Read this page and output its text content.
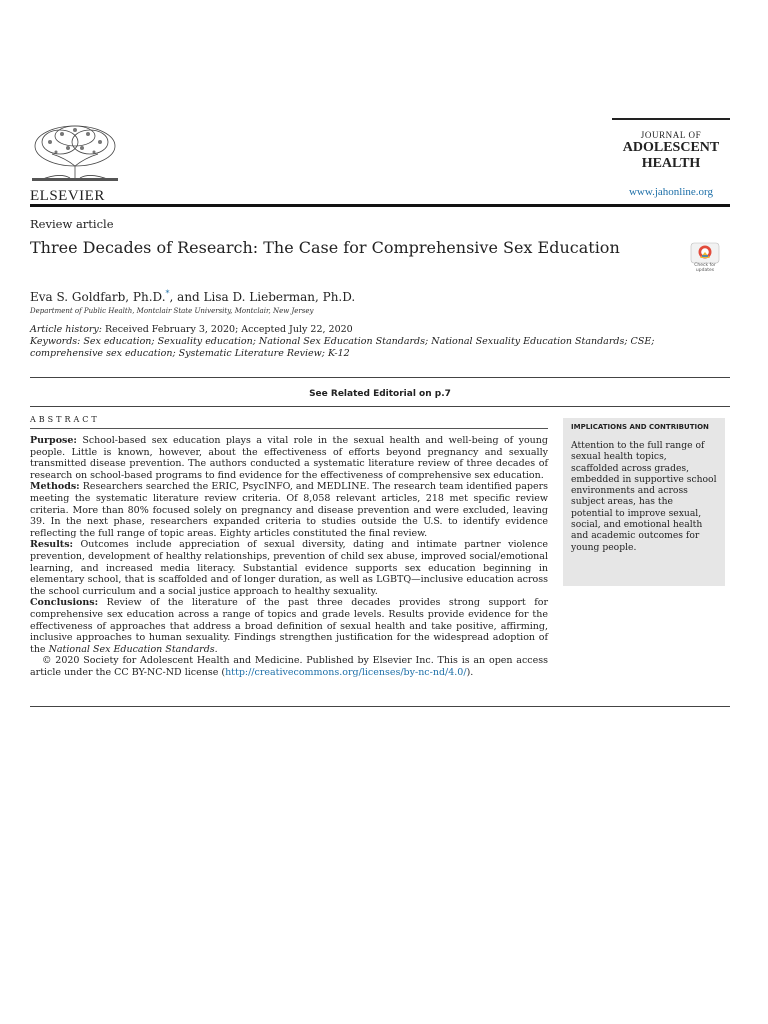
ELSEVIER
JOURNAL OF
ADOLESCENT
HEALTH
www.jahonline.org
Review article
Three Decades of Research: The Case for Comprehensive Sex Education
Check for
updates
Eva S. Goldfarb, Ph.D.*, and Lisa D. Lieberman, Ph.D.
Department of Public Health, Montclair State University, Montclair, New Jersey
Article history: Received February 3, 2020; Accepted July 22, 2020
Keywords: Sex education; Sexuality education; National Sex Education Standards; National Sexuality Education Standards; CSE; comprehensive sex education; Systematic Literature Review; K-12
See Related Editorial on p.7
ABSTRACT

Purpose: School-based sex education plays a vital role in the sexual health and well-being of young people. Little is known, however, about the effectiveness of efforts beyond pregnancy and sexually transmitted disease prevention. The authors conducted a systematic literature review of three decades of research on school-based programs to find evidence for the effectiveness of comprehensive sex education.

Methods: Researchers searched the ERIC, PsycINFO, and MEDLINE. The research team identified papers meeting the systematic literature review criteria. Of 8,058 relevant articles, 218 met specific review criteria. More than 80% focused solely on pregnancy and disease prevention and were excluded, leaving 39. In the next phase, researchers expanded criteria to studies outside the U.S. to identify evidence reflecting the full range of topic areas. Eighty articles constituted the final review.

Results: Outcomes include appreciation of sexual diversity, dating and intimate partner violence prevention, development of healthy relationships, prevention of child sex abuse, improved social/emotional learning, and increased media literacy. Substantial evidence supports sex education beginning in elementary school, that is scaffolded and of longer duration, as well as LGBTQ—inclusive education across the school curriculum and a social justice approach to healthy sexuality.

Conclusions: Review of the literature of the past three decades provides strong support for comprehensive sex education across a range of topics and grade levels. Results provide evidence for the effectiveness of approaches that address a broad definition of sexual health and take positive, affirming, inclusive approaches to human sexuality. Findings strengthen justification for the widespread adoption of the National Sex Education Standards.

© 2020 Society for Adolescent Health and Medicine. Published by Elsevier Inc. This is an open access article under the CC BY-NC-ND license (http://creativecommons.org/licenses/by-nc-nd/4.0/).

IMPLICATIONS AND CONTRIBUTION
Attention to the full range of sexual health topics, scaffolded across grades, embedded in supportive school environments and across subject areas, has the potential to improve sexual, social, and emotional health and academic outcomes for young people.
